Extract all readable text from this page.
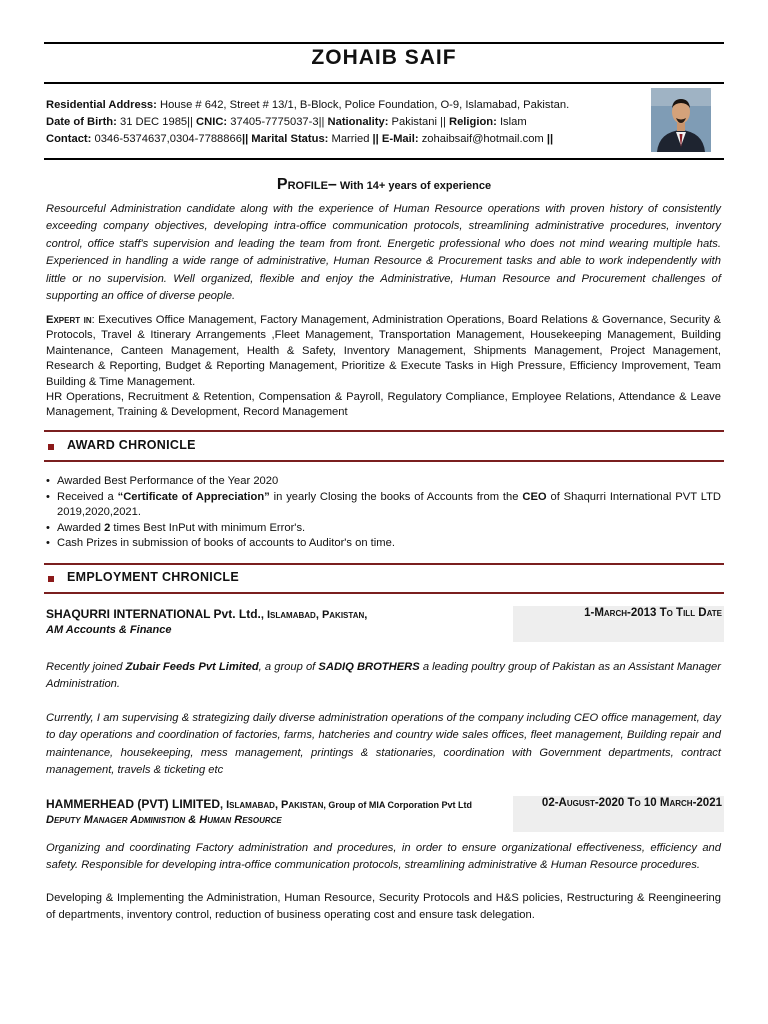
ZOHAIB SAIF
Residential Address: House # 642, Street # 13/1, B-Block, Police Foundation, O-9, Islamabad, Pakistan.
Date of Birth: 31 DEC 1985|| CNIC: 37405-7775037-3|| Nationality: Pakistani || Religion: Islam
Contact: 0346-5374637,0304-7788866|| Marital Status: Married || E-Mail: zohaibsaif@hotmail.com ||
Profile– With 14+ years of experience
Resourceful Administration candidate along with the experience of Human Resource operations with proven history of consistently exceeding company objectives, developing intra-office communication protocols, streamlining administrative procedures, inventory control, office staff's supervision and leading the team from front. Energetic professional who does not mind wearing multiple hats. Experienced in handling a wide range of administrative, Human Resource & Procurement tasks and able to work independently with little or no supervision. Well organized, flexible and enjoy the Administrative, Human Resource and Procurement challenges of supporting an office of diverse people.
Expert in: Executives Office Management, Factory Management, Administration Operations, Board Relations & Governance, Security & Protocols, Travel & Itinerary Arrangements ,Fleet Management, Transportation Management, Housekeeping Management, Building Maintenance, Canteen Management, Health & Safety, Inventory Management, Shipments Management, Project Management, Research & Reporting, Budget & Reporting Management, Prioritize & Execute Tasks in High Pressure, Efficiency Improvement, Team Building & Time Management.
HR Operations, Recruitment & Retention, Compensation & Payroll, Regulatory Compliance, Employee Relations, Attendance & Leave Management, Training & Development, Record Management
AWARD CHRONICLE
• Awarded Best Performance of the Year 2020
• Received a “Certificate of Appreciation” in yearly Closing the books of Accounts from the CEO of Shaqurri International PVT LTD 2019,2020,2021.
• Awarded 2 times Best InPut with minimum Error's.
• Cash Prizes in submission of books of accounts to Auditor's on time.
EMPLOYMENT CHRONICLE
SHAQURRI INTERNATIONAL Pvt. Ltd., Islamabad, Pakistan,
AM Accounts & Finance
1-March-2013 To Till Date
Recently joined Zubair Feeds Pvt Limited, a group of SADIQ BROTHERS a leading poultry group of Pakistan as an Assistant Manager Administration.
Currently, I am supervising & strategizing daily diverse administration operations of the company including CEO office management, day to day operations and coordination of factories, farms, hatcheries and country wide sales offices, fleet management, Building repair and maintenance, housekeeping, mess management, printings & stationaries, coordination with Government departments, contract management, travels & ticketing etc
HAMMERHEAD (PVT) LIMITED, Islamabad, Pakistan, Group of MIA Corporation Pvt Ltd
Deputy Manager Administion & Human Resource
02-August-2020 To 10 March-2021
Organizing and coordinating Factory administration and procedures, in order to ensure organizational effectiveness, efficiency and safety. Responsible for developing intra-office communication protocols, streamlining administrative & Human Resource procedures.
Developing & Implementing the Administration, Human Resource, Security Protocols and H&S policies, Restructuring & Reengineering of departments, inventory control, reduction of business operating cost and ensure task delegation.
